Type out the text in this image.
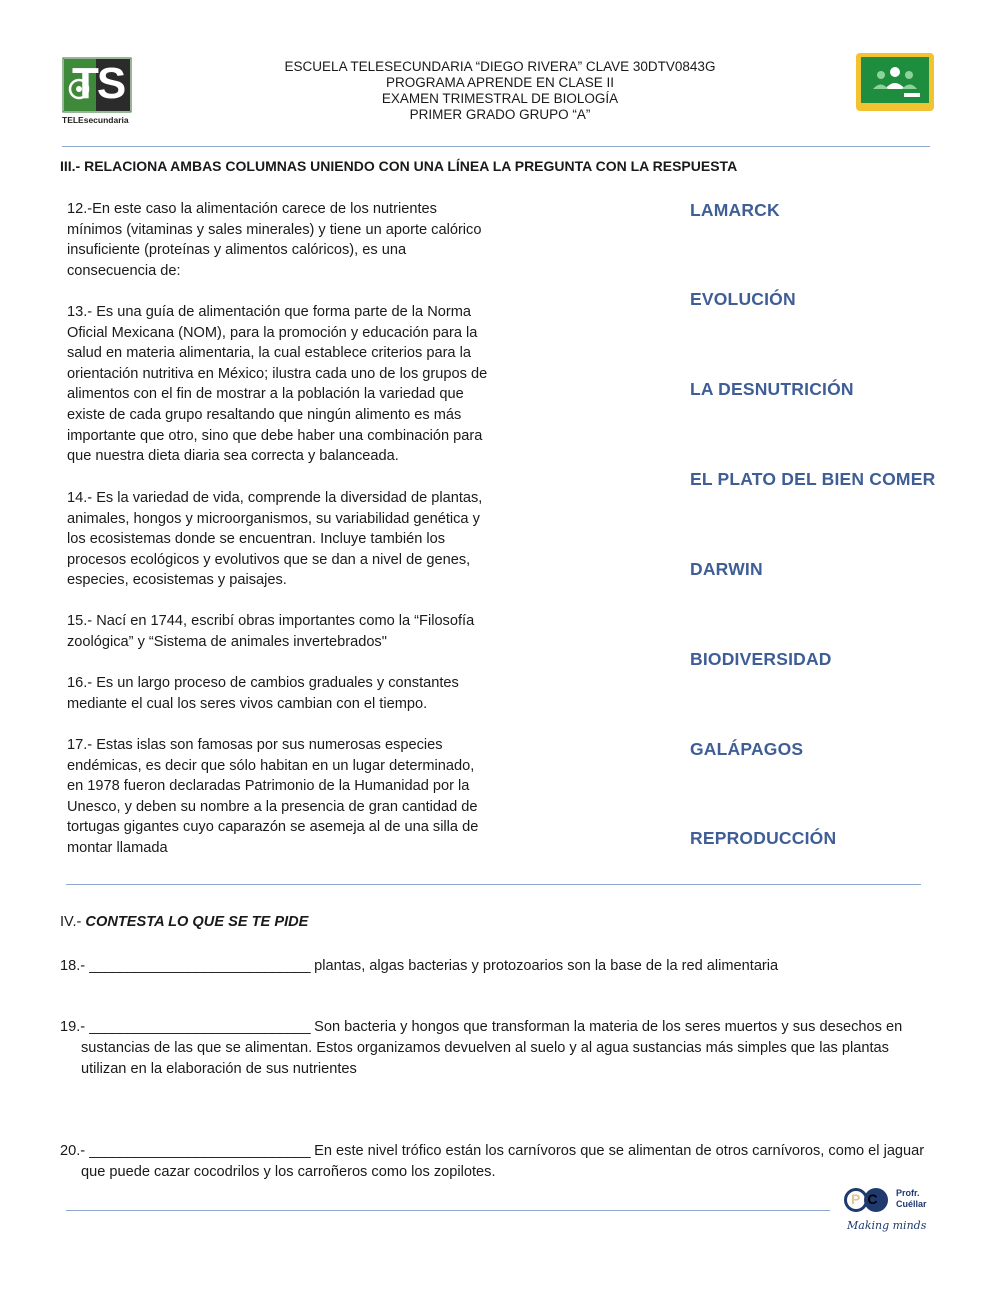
TS
TELEsecundaria
ESCUELA TELESECUNDARIA “DIEGO RIVERA” CLAVE 30DTV0843G
PROGRAMA APRENDE EN CLASE II
EXAMEN TRIMESTRAL DE BIOLOGÍA
PRIMER GRADO GRUPO “A”
III.- RELACIONA AMBAS COLUMNAS UNIENDO CON UNA LÍNEA LA PREGUNTA CON LA RESPUESTA
12.-En este caso la alimentación carece de los nutrientes mínimos (vitaminas y sales minerales) y tiene un aporte calórico insuficiente (proteínas y alimentos calóricos), es una consecuencia de:
13.- Es una guía de alimentación que forma parte de la Norma Oficial Mexicana (NOM), para la promoción y educación para la salud en materia alimentaria, la cual establece criterios para la orientación nutritiva en México; ilustra cada uno de los grupos de alimentos con el fin de mostrar a la población la variedad que existe de cada grupo resaltando que ningún alimento es más importante que otro, sino que debe haber una combinación para que nuestra dieta diaria sea correcta y balanceada.
14.- Es la variedad de vida, comprende la diversidad de plantas, animales, hongos y microorganismos, su variabilidad genética y los ecosistemas donde se encuentran. Incluye también los procesos ecológicos y evolutivos que se dan a nivel de genes, especies, ecosistemas y paisajes.
15.- Nací en 1744, escribí obras importantes como la “Filosofía zoológica” y “Sistema de animales invertebrados"
16.- Es un largo proceso de cambios graduales y constantes mediante el cual los seres vivos cambian con el tiempo.
17.- Estas islas son famosas por sus numerosas especies endémicas, es decir que sólo habitan en un lugar determinado, en 1978 fueron declaradas Patrimonio de la Humanidad por la Unesco, y deben su nombre a la presencia de gran cantidad de tortugas gigantes cuyo caparazón se asemeja al de una silla de montar llamada
LAMARCK
EVOLUCIÓN
LA DESNUTRICIÓN
EL PLATO DEL BIEN COMER
DARWIN
BIODIVERSIDAD
GALÁPAGOS
REPRODUCCIÓN
IV.- CONTESTA LO QUE SE TE PIDE
18.- _____________________________ plantas, algas bacterias y protozoarios son la base de la red alimentaria
19.- _____________________________ Son bacteria y hongos que transforman la materia de los seres muertos y sus desechos en
sustancias de las que se alimentan. Estos organizamos devuelven al suelo y al agua sustancias más simples que las plantas utilizan en la elaboración de sus nutrientes
20.- _____________________________ En este nivel trófico están los carnívoros que se alimentan de otros carnívoros, como el jaguar
que puede cazar cocodrilos y los carroñeros como los zopilotes.
PC Profr.
Cuéllar
Making minds
